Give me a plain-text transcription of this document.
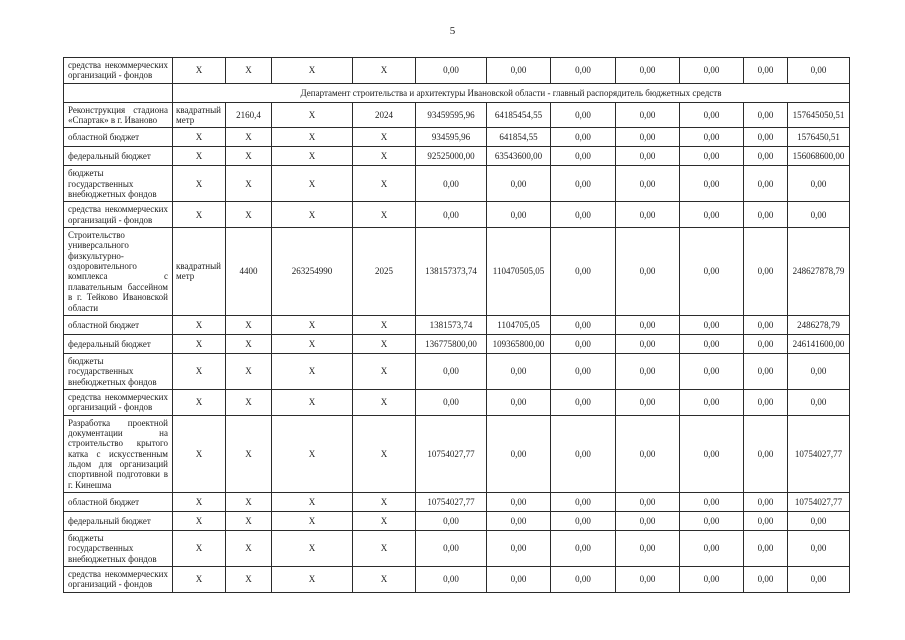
5
средства некоммерческих организаций - фондов	X	X	X	X	0,00	0,00	0,00	0,00	0,00	0,00	0,00
	Департамент строительства и архитектуры Ивановской области - главный распорядитель бюджетных средств										
Реконструкция стадиона «Спартак» в г. Иваново	квадратный метр	2160,4	X	2024	93459595,96	64185454,55	0,00	0,00	0,00	0,00	157645050,51
областной бюджет	X	X	X	X	934595,96	641854,55	0,00	0,00	0,00	0,00	1576450,51
федеральный бюджет	X	X	X	X	92525000,00	63543600,00	0,00	0,00	0,00	0,00	156068600,00
бюджеты государственных внебюджетных фондов	X	X	X	X	0,00	0,00	0,00	0,00	0,00	0,00	0,00
средства некоммерческих организаций - фондов	X	X	X	X	0,00	0,00	0,00	0,00	0,00	0,00	0,00
Строительство универсального физкультурно-оздоровительного комплекса с плавательным бассейном в г. Тейково Ивановской области	квадратный метр	4400	263254990	2025	138157373,74	110470505,05	0,00	0,00	0,00	0,00	248627878,79
областной бюджет	X	X	X	X	1381573,74	1104705,05	0,00	0,00	0,00	0,00	2486278,79
федеральный бюджет	X	X	X	X	136775800,00	109365800,00	0,00	0,00	0,00	0,00	246141600,00
бюджеты государственных внебюджетных фондов	X	X	X	X	0,00	0,00	0,00	0,00	0,00	0,00	0,00
средства некоммерческих организаций - фондов	X	X	X	X	0,00	0,00	0,00	0,00	0,00	0,00	0,00
Разработка проектной документации на строительство крытого катка с искусственным льдом для организаций спортивной подготовки в г. Кинешма	X	X	X	X	10754027,77	0,00	0,00	0,00	0,00	0,00	10754027,77
областной бюджет	X	X	X	X	10754027,77	0,00	0,00	0,00	0,00	0,00	10754027,77
федеральный бюджет	X	X	X	X	0,00	0,00	0,00	0,00	0,00	0,00	0,00
бюджеты государственных внебюджетных фондов	X	X	X	X	0,00	0,00	0,00	0,00	0,00	0,00	0,00
средства некоммерческих организаций - фондов	X	X	X	X	0,00	0,00	0,00	0,00	0,00	0,00	0,00
